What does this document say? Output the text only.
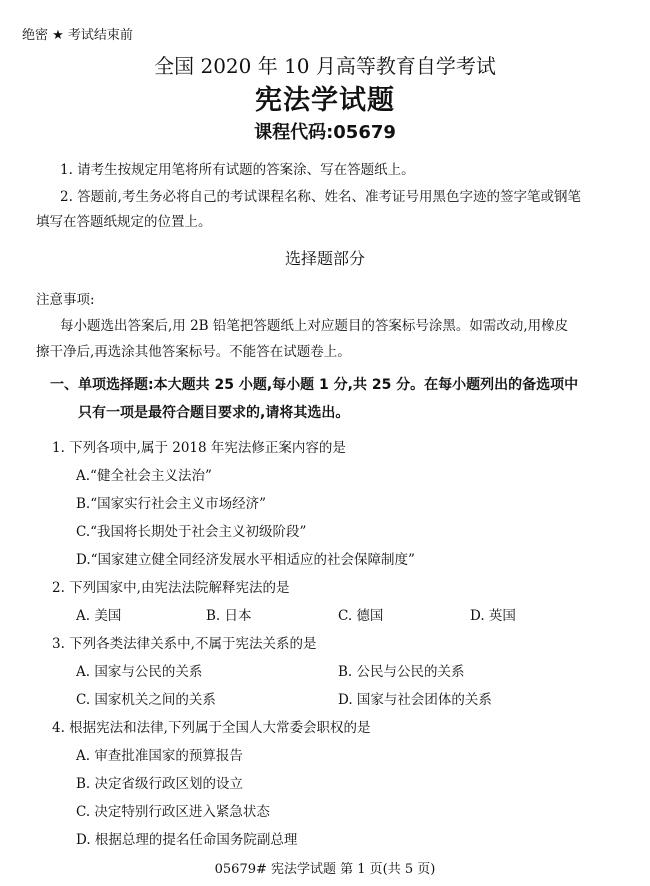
绝密 ★ 考试结束前
全国 2020 年 10 月高等教育自学考试
宪法学试题
课程代码:05679
1. 请考生按规定用笔将所有试题的答案涂、写在答题纸上。
2. 答题前,考生务必将自己的考试课程名称、姓名、准考证号用黑色字迹的签字笔或钢笔
填写在答题纸规定的位置上。
选择题部分
注意事项:
每小题选出答案后,用 2B 铅笔把答题纸上对应题目的答案标号涂黑。如需改动,用橡皮
擦干净后,再选涂其他答案标号。不能答在试题卷上。
一、单项选择题:本大题共 25 小题,每小题 1 分,共 25 分。在每小题列出的备选项中
只有一项是最符合题目要求的,请将其选出。
1. 下列各项中,属于 2018 年宪法修正案内容的是
A.“健全社会主义法治”
B.“国家实行社会主义市场经济”
C.“我国将长期处于社会主义初级阶段”
D.“国家建立健全同经济发展水平相适应的社会保障制度”
2. 下列国家中,由宪法法院解释宪法的是
A. 美国	B. 日本	C. 德国	D. 英国
3. 下列各类法律关系中,不属于宪法关系的是
A. 国家与公民的关系	B. 公民与公民的关系
C. 国家机关之间的关系	D. 国家与社会团体的关系
4. 根据宪法和法律,下列属于全国人大常委会职权的是
A. 审查批准国家的预算报告
B. 决定省级行政区划的设立
C. 决定特别行政区进入紧急状态
D. 根据总理的提名任命国务院副总理
05679# 宪法学试题 第 1 页(共 5 页)
